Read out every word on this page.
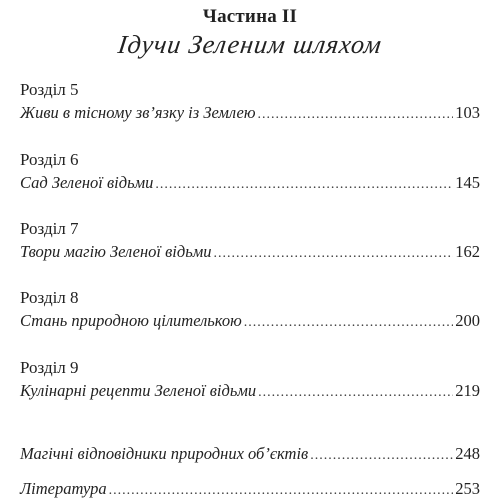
Частина ІІ
Ідучи Зеленим шляхом
Розділ 5
Живи в тісному зв’язку із Землею .....	103
Розділ 6
Сад Зеленої відьми .....	145
Розділ 7
Твори магію Зеленої відьми .....	162
Розділ 8
Стань природною цілителькою .....	200
Розділ 9
Кулінарні рецепти Зеленої відьми .....	219
Магічні відповідники природних об’єктів .....	248
Література .....	253
